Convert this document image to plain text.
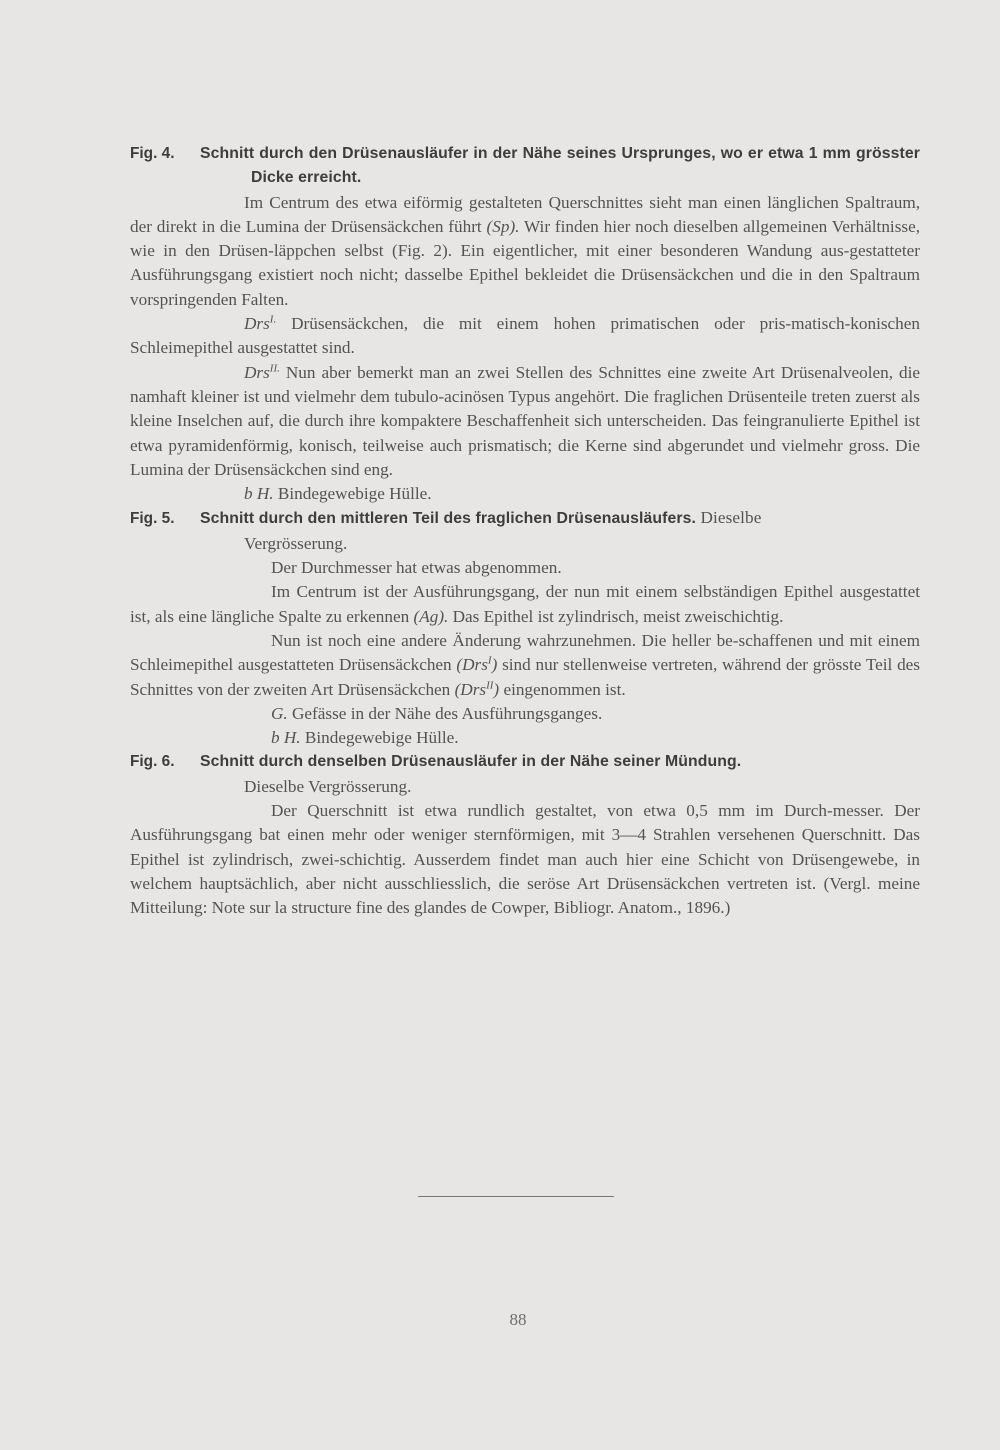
Fig. 4.	Schnitt durch den Drüsenausläufer in der Nähe seines Ursprunges, wo er etwa 1 mm grösster Dicke erreicht.

Im Centrum des etwa eiförmig gestalteten Querschnittes sieht man einen länglichen Spaltraum, der direkt in die Lumina der Drüsensäckchen führt (Sp). Wir finden hier noch dieselben allgemeinen Verhältnisse, wie in den Drüsen-läppchen selbst (Fig. 2). Ein eigentlicher, mit einer besonderen Wandung aus-gestatteter Ausführungsgang existiert noch nicht; dasselbe Epithel bekleidet die Drüsensäckchen und die in den Spaltraum vorspringenden Falten.

Drs$^{I.}$ Drüsensäckchen, die mit einem hohen primatischen oder pris-matisch-konischen Schleimepithel ausgestattet sind.

Drs$^{II.}$ Nun aber bemerkt man an zwei Stellen des Schnittes eine zweite Art Drüsenalveolen, die namhaft kleiner ist und vielmehr dem tubulo-acinösen Typus angehört. Die fraglichen Drüsenteile treten zuerst als kleine Inselchen auf, die durch ihre kompaktere Beschaffenheit sich unterscheiden. Das feingranulierte Epithel ist etwa pyramidenförmig, konisch, teilweise auch prismatisch; die Kerne sind abgerundet und vielmehr gross. Die Lumina der Drüsensäckchen sind eng.

b H. Bindegewebige Hülle.

Fig. 5.	Schnitt durch den mittleren Teil des fraglichen Drüsenausläufers. Dieselbe

Vergrösserung.

Der Durchmesser hat etwas abgenommen.

Im Centrum ist der Ausführungsgang, der nun mit einem selbständigen Epithel ausgestattet ist, als eine längliche Spalte zu erkennen (Ag). Das Epithel ist zylindrisch, meist zweischichtig.

Nun ist noch eine andere Änderung wahrzunehmen. Die heller be-schaffenen und mit einem Schleimepithel ausgestatteten Drüsensäckchen (Drs$^I$) sind nur stellenweise vertreten, während der grösste Teil des Schnittes von der zweiten Art Drüsensäckchen (Drs$^{II}$) eingenommen ist.

G. Gefässe in der Nähe des Ausführungsganges.

b H. Bindegewebige Hülle.

Fig. 6.	Schnitt durch denselben Drüsenausläufer in der Nähe seiner Mündung.

Dieselbe Vergrösserung.

Der Querschnitt ist etwa rundlich gestaltet, von etwa 0,5 mm im Durch-messer. Der Ausführungsgang bat einen mehr oder weniger sternförmigen, mit 3—4 Strahlen versehenen Querschnitt. Das Epithel ist zylindrisch, zwei-schichtig. Ausserdem findet man auch hier eine Schicht von Drüsengewebe, in welchem hauptsächlich, aber nicht ausschliesslich, die seröse Art Drüsensäckchen vertreten ist. (Vergl. meine Mitteilung: Note sur la structure fine des glandes de Cowper, Bibliogr. Anatom., 1896.)

88
